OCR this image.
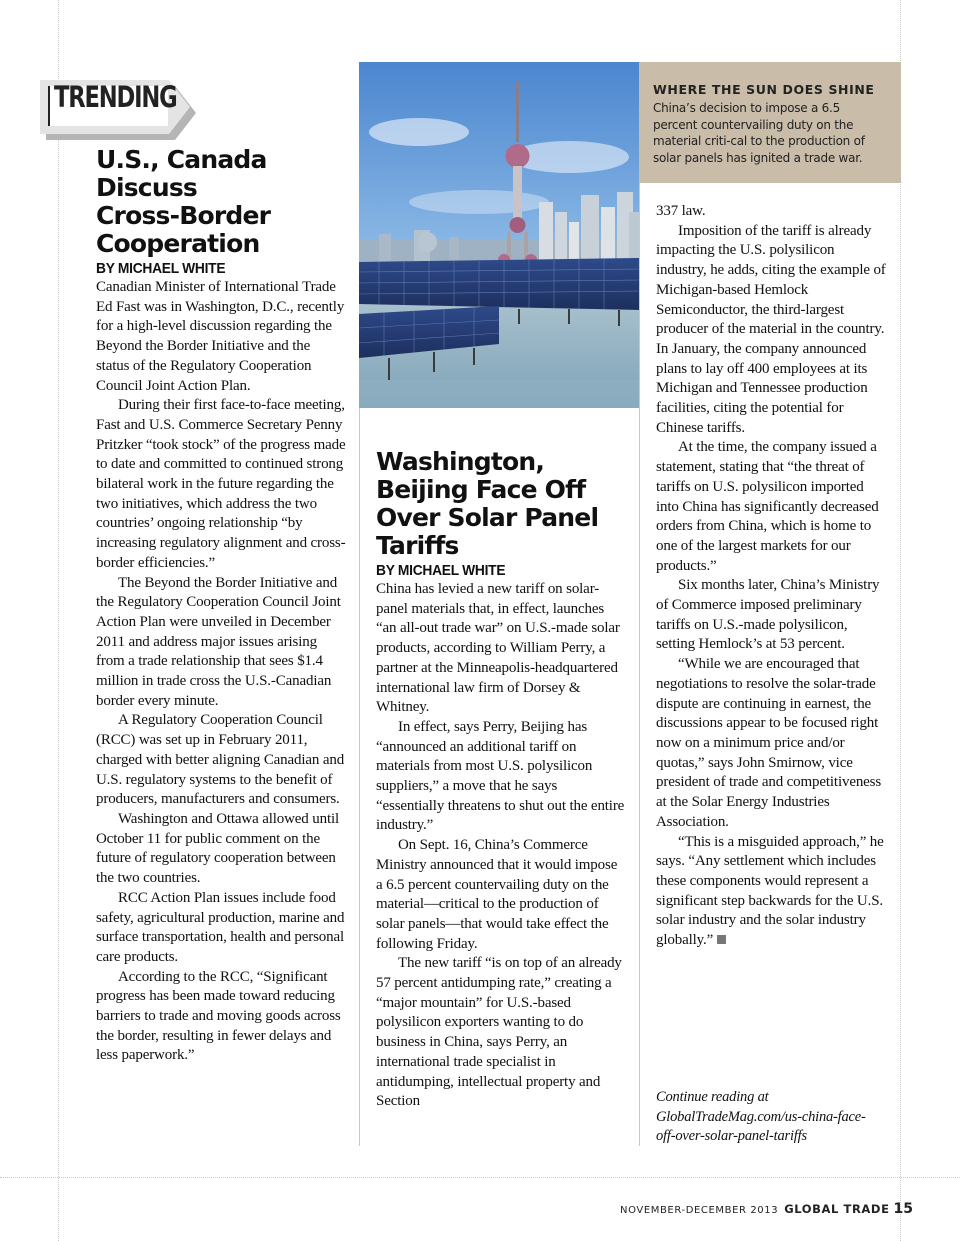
TRENDING
U.S., Canada
Discuss
Cross-Border
Cooperation
BY MICHAEL WHITE

Canadian Minister of International Trade Ed Fast was in Washington, D.C., recently for a high-level discussion regarding the Beyond the Border Initiative and the status of the Regulatory Cooperation Council Joint Action Plan.

During their first face-to-face meeting, Fast and U.S. Commerce Secretary Penny Pritzker “took stock” of the progress made to date and committed to continued strong bilateral work in the future regarding the two initiatives, which address the two countries’ ongoing relationship “by increasing regulatory alignment and cross-border efficiencies.”

The Beyond the Border Initiative and the Regulatory Cooperation Council Joint Action Plan were unveiled in December 2011 and address major issues arising from a trade relationship that sees $1.4 million in trade cross the U.S.-Canadian border every minute.

A Regulatory Cooperation Council (RCC) was set up in February 2011, charged with better aligning Canadian and U.S. regulatory systems to the benefit of producers, manufacturers and consumers.

Washington and Ottawa allowed until October 11 for public comment on the future of regulatory cooperation between the two countries.

RCC Action Plan issues include food safety, agricultural production, marine and surface transportation, health and personal care products.

According to the RCC, “Significant progress has been made toward reducing barriers to trade and moving goods across the border, resulting in fewer delays and less paperwork.”

WHERE THE SUN DOES SHINE
China’s decision to impose a 6.5 percent countervailing duty on the material criti-cal to the production of solar panels has ignited a trade war.
Washington,
Beijing Face Off
Over Solar Panel
Tariffs
BY MICHAEL WHITE

China has levied a new tariff on solar-panel materials that, in effect, launches “an all-out trade war” on U.S.-made solar products, according to William Perry, a partner at the Minneapolis-headquartered international law firm of Dorsey & Whitney.

In effect, says Perry, Beijing has “announced an additional tariff on materials from most U.S. polysilicon suppliers,” a move that he says “essentially threatens to shut out the entire industry.”

On Sept. 16, China’s Commerce Ministry announced that it would impose a 6.5 percent countervailing duty on the material—critical to the production of solar panels—that would take effect the following Friday.

The new tariff “is on top of an already 57 percent antidumping rate,” creating a “major mountain” for U.S.-based polysilicon exporters wanting to do business in China, says Perry, an international trade specialist in antidumping, intellectual property and Section

337 law.

Imposition of the tariff is already impacting the U.S. polysilicon industry, he adds, citing the example of Michigan-based Hemlock Semiconductor, the third-largest producer of the material in the country. In January, the company announced plans to lay off 400 employees at its Michigan and Tennessee production facilities, citing the potential for Chinese tariffs.

At the time, the company issued a statement, stating that “the threat of tariffs on U.S. polysilicon imported into China has significantly decreased orders from China, which is home to one of the largest markets for our products.”

Six months later, China’s Ministry of Commerce imposed preliminary tariffs on U.S.-made polysilicon, setting Hemlock’s at 53 percent.

“While we are encouraged that negotiations to resolve the solar-trade dispute are continuing in earnest, the discussions appear to be focused right now on a minimum price and/or quotas,” says John Smirnow, vice president of trade and competitiveness at the Solar Energy Industries Association.

“This is a misguided approach,” he says. “Any settlement which includes these components would represent a significant step backwards for the U.S. solar industry and the solar industry globally.”

Continue reading at
GlobalTradeMag.com/us-china-face-
off-over-solar-panel-tariffs
NOVEMBER-DECEMBER 2013 GLOBAL TRADE 15
